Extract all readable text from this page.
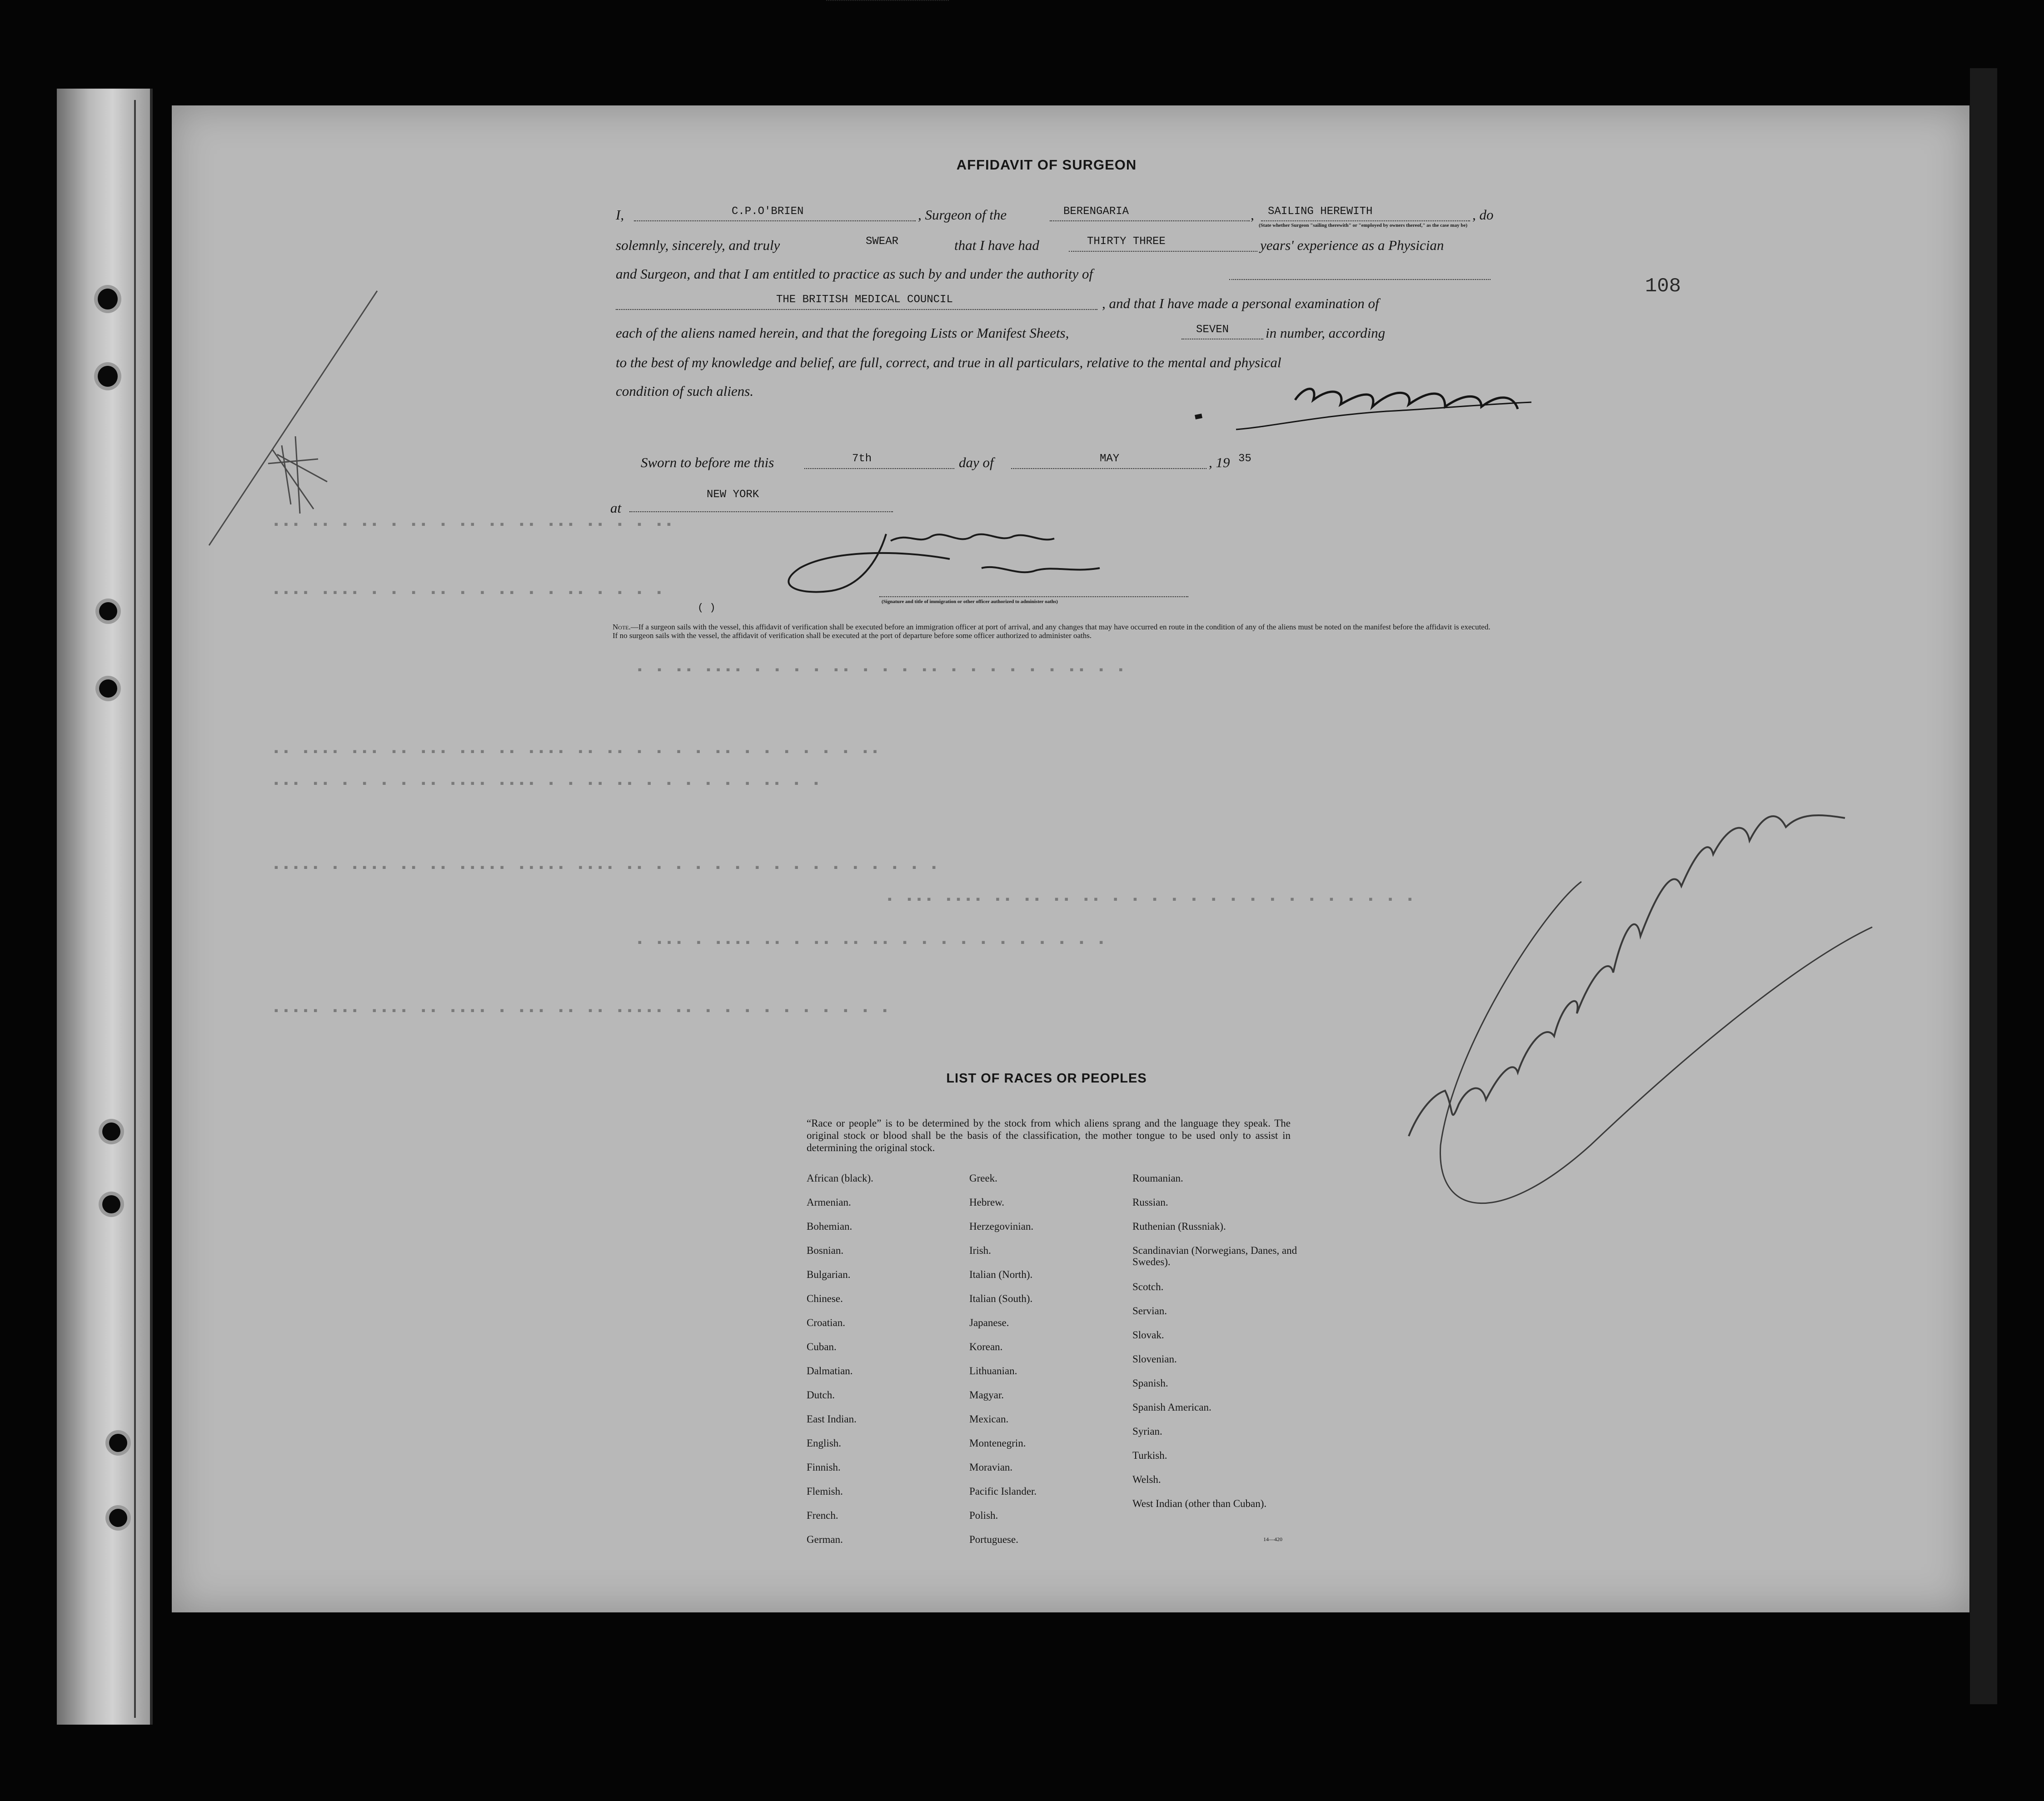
▪▪▪ ▪▪ ▪ ▪▪ ▪ ▪▪ ▪ ▪▪ ▪▪ ▪▪ ▪▪▪ ▪▪ ▪ ▪ ▪▪
▪▪▪▪ ▪▪▪▪ ▪ ▪ ▪ ▪▪ ▪ ▪ ▪▪ ▪ ▪ ▪▪ ▪ ▪ ▪ ▪
▪ ▪ ▪▪ ▪▪▪▪ ▪ ▪ ▪ ▪ ▪▪ ▪ ▪ ▪ ▪▪ ▪ ▪ ▪ ▪ ▪ ▪ ▪▪ ▪ ▪
▪▪ ▪▪▪▪ ▪▪▪ ▪▪ ▪▪▪ ▪▪▪ ▪▪ ▪▪▪▪ ▪▪ ▪▪ ▪ ▪ ▪ ▪ ▪▪ ▪ ▪ ▪ ▪ ▪ ▪ ▪▪
▪▪▪ ▪▪ ▪ ▪ ▪ ▪ ▪▪ ▪▪▪▪ ▪▪▪▪ ▪ ▪ ▪▪ ▪▪ ▪ ▪ ▪ ▪ ▪ ▪ ▪▪ ▪ ▪
▪▪▪▪▪ ▪ ▪▪▪▪ ▪▪ ▪▪ ▪▪▪▪▪ ▪▪▪▪▪ ▪▪▪▪ ▪▪ ▪ ▪ ▪ ▪ ▪ ▪ ▪ ▪ ▪ ▪ ▪ ▪ ▪ ▪ ▪
▪ ▪▪▪ ▪▪▪▪ ▪▪ ▪▪ ▪▪ ▪▪ ▪ ▪ ▪ ▪ ▪ ▪ ▪ ▪ ▪ ▪ ▪ ▪ ▪ ▪ ▪ ▪
▪ ▪▪▪ ▪ ▪▪▪▪ ▪▪ ▪ ▪▪ ▪▪ ▪▪ ▪ ▪ ▪ ▪ ▪ ▪ ▪ ▪ ▪ ▪ ▪
▪▪▪▪▪ ▪▪▪ ▪▪▪▪ ▪▪ ▪▪▪▪ ▪ ▪▪▪ ▪▪ ▪▪ ▪▪▪▪▪ ▪▪ ▪ ▪ ▪ ▪ ▪ ▪ ▪ ▪ ▪ ▪
AFFIDAVIT OF SURGEON
108
I,	C.P.O'BRIEN	, Surgeon of the	BERENGARIA	, SAILING HEREWITH	, do
(State whether Surgeon "sailing therewith" or "employed by owners thereof," as the case may be)
solemnly, sincerely, and truly	SWEAR	that I have had	THIRTY THREE	years' experience as a Physician
and Surgeon, and that I am entitled to practice as such by and under the authority of
THE BRITISH MEDICAL COUNCIL	, and that I have made a personal examination of
each of the aliens named herein, and that the foregoing Lists or Manifest Sheets,	SEVEN	in number, according
to the best of my knowledge and belief, are full, correct, and true in all particulars, relative to the mental and physical
condition of such aliens.
Sworn to before me this	7th	day of	MAY	, 19 35
at
NEW YORK
(Signature and title of immigration or other officer authorized to administer oaths)
( )
Note.—If a surgeon sails with the vessel, this affidavit of verification shall be executed before an immigration officer at port of arrival, and any changes that may have occurred en route in the condition of any of the aliens must be noted on the manifest before the affidavit is executed.
If no surgeon sails with the vessel, the affidavit of verification shall be executed at the port of departure before some officer authorized to administer oaths.
LIST OF RACES OR PEOPLES
“Race or people” is to be determined by the stock from which aliens sprang and the language they speak. The original stock or blood shall be the basis of the classification, the mother tongue to be used only to assist in determining the original stock.
African (black).
Armenian.
Bohemian.
Bosnian.
Bulgarian.
Chinese.
Croatian.
Cuban.
Dalmatian.
Dutch.
East Indian.
English.
Finnish.
Flemish.
French.
German.
Greek.
Hebrew.
Herzegovinian.
Irish.
Italian (North).
Italian (South).
Japanese.
Korean.
Lithuanian.
Magyar.
Mexican.
Montenegrin.
Moravian.
Pacific Islander.
Polish.
Portuguese.
Roumanian.
Russian.
Ruthenian (Russniak).
Scandinavian (Norwegians, Danes, and Swedes).
Scotch.
Servian.
Slovak.
Slovenian.
Spanish.
Spanish American.
Syrian.
Turkish.
Welsh.
West Indian (other than Cuban).
14—420
